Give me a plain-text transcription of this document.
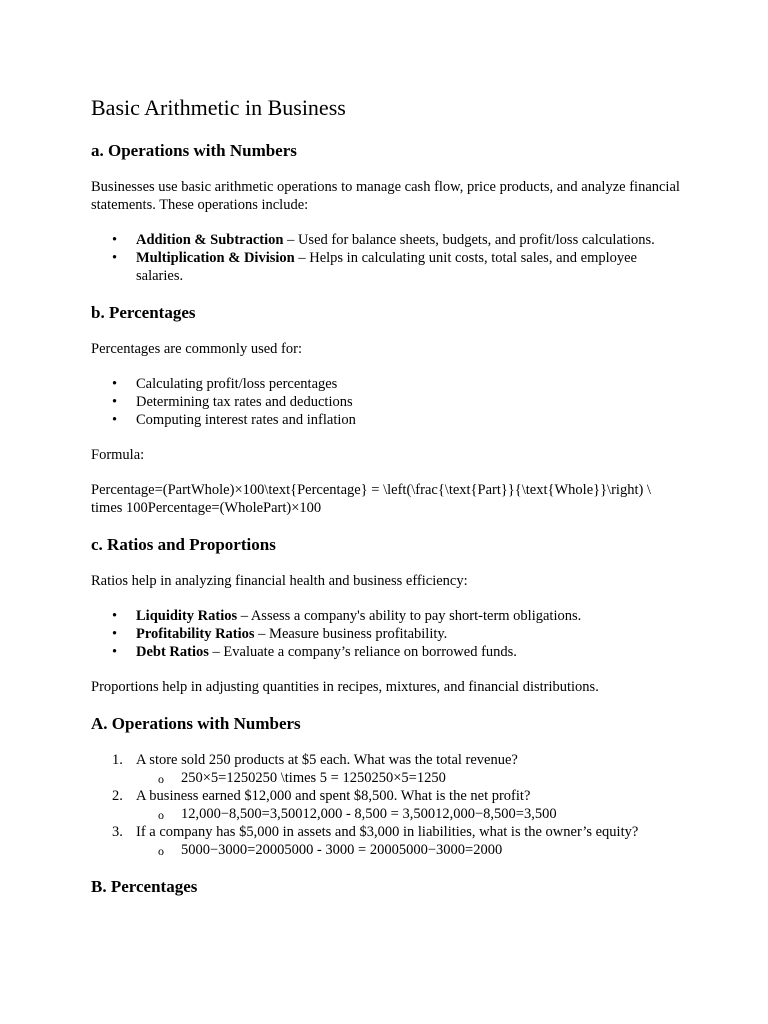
Basic Arithmetic in Business
a. Operations with Numbers

Businesses use basic arithmetic operations to manage cash flow, price products, and analyze financial statements. These operations include:

• Addition & Subtraction – Used for balance sheets, budgets, and profit/loss calculations.
• Multiplication & Division – Helps in calculating unit costs, total sales, and employee salaries.
b. Percentages

Percentages are commonly used for:

• Calculating profit/loss percentages
• Determining tax rates and deductions
• Computing interest rates and inflation

Formula:

Percentage=(PartWhole)×100\text{Percentage} = \left(\frac{\text{Part}}{\text{Whole}}\right) \ times 100Percentage=(WholePart)×100

c. Ratios and Proportions

Ratios help in analyzing financial health and business efficiency:

• Liquidity Ratios – Assess a company's ability to pay short-term obligations.
• Profitability Ratios – Measure business profitability.
• Debt Ratios – Evaluate a company’s reliance on borrowed funds.

Proportions help in adjusting quantities in recipes, mixtures, and financial distributions.

A. Operations with Numbers
1. A store sold 250 products at $5 each. What was the total revenue?
o 250×5=1250250 \times 5 = 1250250×5=1250
2. A business earned $12,000 and spent $8,500. What is the net profit?
o 12,000−8,500=3,50012,000 - 8,500 = 3,50012,000−8,500=3,500
3. If a company has $5,000 in assets and $3,000 in liabilities, what is the owner’s equity?
o 5000−3000=20005000 - 3000 = 20005000−3000=2000
B. Percentages
